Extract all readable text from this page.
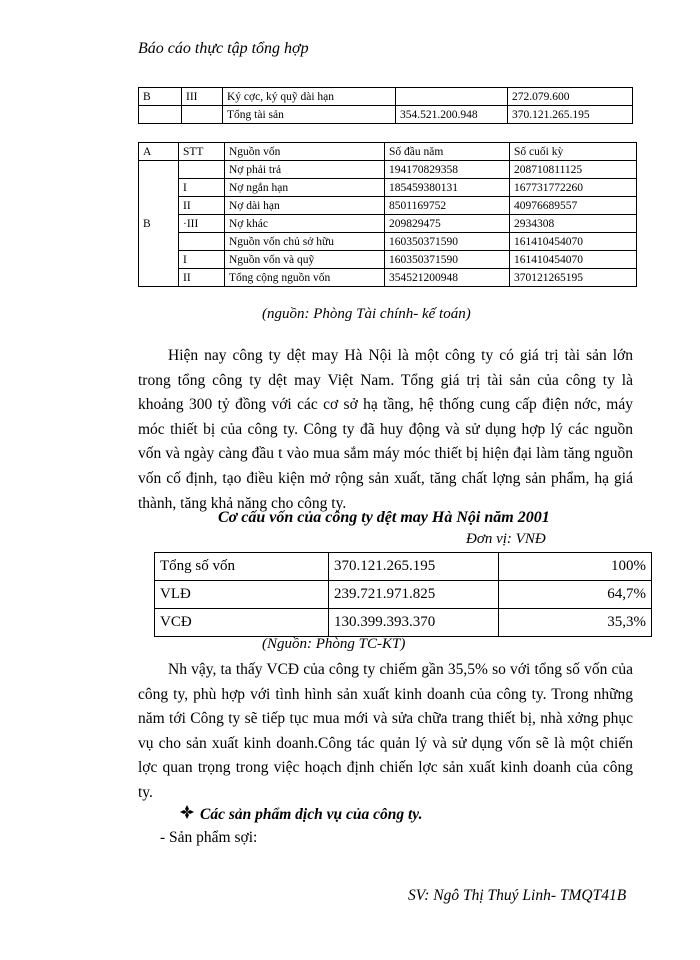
Báo cáo thực tập tổng hợp
B	III	Ký cợc, ký quỹ dài hạn		272.079.600
		Tổng tài sản	354.521.200.948	370.121.265.195
A	STT	Nguồn vốn	Số đầu năm	Số cuối kỳ
B		Nợ phải trả	194170829358	208710811125
	I	Nợ ngắn hạn	185459380131	167731772260
	II	Nợ dài hạn	8501169752	40976689557
	·III	Nợ khác	209829475	2934308
		Nguồn vốn chủ sở hữu	160350371590	161410454070
	I	Nguồn vốn và quỹ	160350371590	161410454070
	II	Tổng cộng nguồn vốn	354521200948	370121265195
(nguồn: Phòng Tài chính- kế toán)

Hiện nay công ty dệt may Hà Nội là một công ty có giá trị tài sản lớn trong tổng công ty dệt may Việt Nam. Tổng giá trị tài sản của công ty là khoảng 300 tỷ đồng với các cơ sở hạ tầng, hệ thống cung cấp điện nớc, máy móc thiết bị của công ty. Công ty đã huy động và sử dụng hợp lý các nguồn vốn và ngày càng đầu t vào mua sắm máy móc thiết bị hiện đại làm tăng nguồn vốn cố định, tạo điều kiện mở rộng sản xuất, tăng chất lợng sản phẩm, hạ giá thành, tăng khả năng cho công ty.

Cơ cấu vốn của công ty dệt may Hà Nội năm 2001
Đơn vị: VNĐ
Tổng số vốn	370.121.265.195	100%
VLĐ	239.721.971.825	64,7%
VCĐ	130.399.393.370	35,3%
(Nguồn: Phòng TC-KT)

Nh vậy, ta thấy VCĐ của công ty chiếm gần 35,5% so với tổng số vốn của công ty, phù hợp với tình hình sản xuất kinh doanh của công ty. Trong những năm tới Công ty sẽ tiếp tục mua mới và sửa chữa trang thiết bị, nhà xởng phục vụ cho sản xuất kinh doanh.Công tác quản lý và sử dụng vốn sẽ là một chiến lợc quan trọng trong việc hoạch định chiến lợc sản xuất kinh doanh của công ty.

Các sản phẩm dịch vụ của công ty.
- Sản phẩm sợi:
SV: Ngô Thị Thuý Linh- TMQT41B
